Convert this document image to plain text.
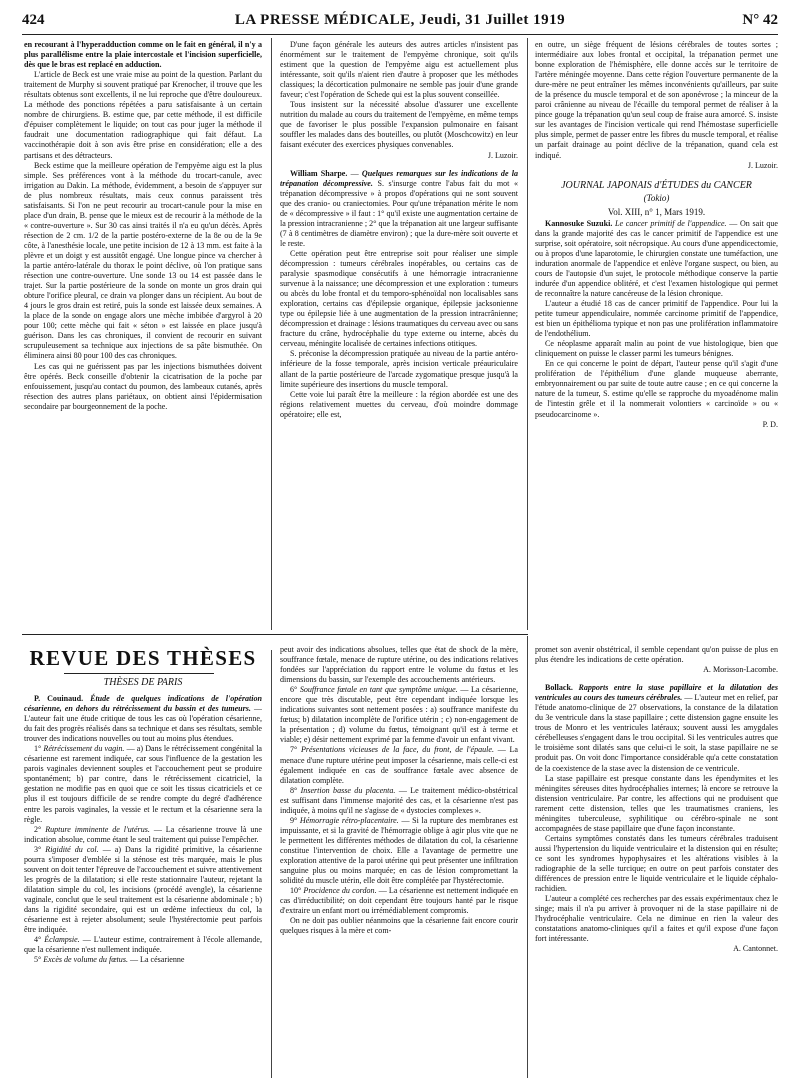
424	LA PRESSE MÉDICALE, Jeudi, 31 Juillet 1919	N° 42

en recourant à l'hyperadduction comme on le fait en général, il n'y a plus parallélisme entre la plaie intercostale et l'incision superficielle, dès que le bras est replacé en adduction.

L'article de Beck est une vraie mise au point de la question. Parlant du traitement de Murphy si souvent pratiqué par Krenocher, il trouve que les résultats obtenus sont excellents, il ne lui reproche que d'être douloureux. La méthode des ponctions répétées a paru satisfaisante à un certain nombre de chirurgiens. B. estime que, par cette méthode, il est difficile d'épuiser complètement le liquide; on tout cas pour juger la méthode il faudrait une documentation radiographique qui fait défaut. La vaccinothérapie doit à son avis être prise en considération; elle a des partisans et des détracteurs.

Beck estime que la meilleure opération de l'empyème aigu est la plus simple. Ses préférences vont à la méthode du trocart-canule, avec irrigation au Dakin. La méthode, évidemment, a besoin de s'appuyer sur de plus nombreux résultats, mais ceux connus paraissent très satisfaisants. Si l'on ne peut recourir au trocart-canule pour la mise en place d'un drain, B. pense que le mieux est de recourir à la méthode de la « contre-ouverture ». Sur 30 cas ainsi traités il n'a eu qu'un décès. Après résection de 2 cm. 1/2 de la partie postéro-externe de la 8e ou de la 9e côte, à l'anesthésie locale, une petite incision de 12 à 13 mm. est faite à la plèvre et un doigt y est aussitôt engagé. Une longue pince va chercher à la partie antéro-latérale du thorax le point déclive, où l'on pratique sans résection une contre-ouverture. Une sonde 13 ou 14 est passée dans le trajet. Sur la partie postérieure de la sonde on monte un gros drain qui obture l'orifice pleural, ce drain va plonger dans un récipient. Au bout de 4 jours le gros drain est retiré, puis la sonde est laissée deux semaines. A la place de la sonde on engage alors une mèche imbibée d'argyrol à 20 pour 100; cette mèche qui fait « séton » est laissée en place jusqu'à guérison. Dans les cas chroniques, il convient de recourir en suivant scrupuleusement sa technique aux injections de sa pâte bismuthée. On éliminera ainsi 80 pour 100 des cas chroniques.

Les cas qui ne guérissent pas par les injections bismuthées doivent être opérés. Beck conseille d'obtenir la cicatrisation de la poche par enfouissement, jusqu'au contact du poumon, des lambeaux cutanés, après résection des autres plans pariétaux, on obtient ainsi l'épidermisation secondaire par bourgeonnement de la poche.

D'une façon générale les auteurs des autres articles n'insistent pas énormément sur le traitement de l'empyème chronique, soit qu'ils estiment que la question de l'empyème aigu est actuellement plus intéressante, soit qu'ils n'aient rien d'autre à proposer que les méthodes classiques; la décortication pulmonaire ne semble pas jouir d'une grande faveur; c'est l'opération de Schede qui est la plus souvent conseillée.

Tous insistent sur la nécessité absolue d'assurer une excellente nutrition du malade au cours du traitement de l'empyème, en même temps que de favoriser le plus possible l'expansion pulmonaire en faisant souffler les malades dans des bouteilles, ou plutôt (Moschcowitz) en leur faisant exécuter des exercices physiques convenables.

J. Luzoir.

William Sharpe. — Quelques remarques sur les indications de la trépanation décompressive. S. s'insurge contre l'abus fait du mot « trépanation décompressive » à propos d'opérations qui ne sont souvent que des cranio- ou craniectomies. Pour qu'une trépanation mérite le nom de « décompressive » il faut : 1° qu'il existe une augmentation certaine de la pression intracranienne ; 2° que la trépanation ait une largeur suffisante (7 à 8 centimètres de diamètre environ) ; que la dure-mère soit ouverte et le reste.

Cette opération peut être entreprise soit pour réaliser une simple décompression : tumeurs cérébrales inopérables, ou certains cas de paralysie spasmodique consécutifs à une hémorragie intracranienne survenue à la naissance; une décompression et une exploration : tumeurs ou abcès du lobe frontal et du temporo-sphénoïdal non localisables sans exploration, certains cas d'épilepsie organique, épilepsie jacksonienne type ou épilepsie liée à une augmentation de la pression intracrânienne; décompression et drainage : lésions traumatiques du cerveau avec ou sans fracture du crâne, hydrocéphalie du type externe ou interne, abcès du cerveau, méningite localisée de certaines infections otitiques.

S. préconise la décompression pratiquée au niveau de la partie antéro-inférieure de la fosse temporale, après incision verticale préauriculaire allant de la partie postérieure de l'arcade zygomatique presque jusqu'à la limite supérieure des insertions du muscle temporal.

Cette voie lui paraît être la meilleure : la région abordée est une des régions relativement muettes du cerveau, d'où moindre dommage opératoire; elle est,

en outre, un siège fréquent de lésions cérébrales de toutes sortes ; intermédiaire aux lobes frontal et occipital, la trépanation permet une bonne exploration de l'hémisphère, elle donne accès sur le territoire de l'artère méningée moyenne. Dans cette région l'ouverture permanente de la dure-mère ne peut entraîner les mêmes inconvénients qu'ailleurs, par suite de la présence du muscle temporal et de son aponévrose ; la minceur de la paroi crânienne au niveau de l'écaille du temporal permet de réaliser à la pince gouge la trépanation qu'un seul coup de fraise aura amorcé. S. insiste sur les avantages de l'incision verticale qui rend l'hémostase superficielle plus simple, permet de passer entre les fibres du muscle temporal, et réalise un parfait drainage au point déclive de la trépanation, quand cela est indiqué.

J. Luzoir.

JOURNAL JAPONAIS d'ÉTUDES du CANCER

(Tokio)

Vol. XIII, n° 1, Mars 1919.

Kannosuke Suzuki. Le cancer primitif de l'appendice. — On sait que dans la grande majorité des cas le cancer primitif de l'appendice est une surprise, soit opératoire, soit nécropsique. Au cours d'une appendicectomie, ou à propos d'une laparotomie, le chirurgien constate une tuméfaction, une induration anormale de l'appendice et enlève l'organe suspect, ou bien, au cours de l'autopsie d'un sujet, le protocole méthodique conserve la partie indurée d'un appendice oblitéré, et c'est l'examen histologique qui permet de reconnaître la nature cancéreuse de la lésion chronique.

L'auteur a étudié 18 cas de cancer primitif de l'appendice. Pour lui la petite tumeur appendiculaire, nommée carcinome primitif de l'appendice, est bien un épithélioma typique et non pas une prolifération inflammatoire de l'endothélium.

Ce néoplasme apparaît malin au point de vue histologique, bien que cliniquement on puisse le classer parmi les tumeurs bénignes.

En ce qui concerne le point de départ, l'auteur pense qu'il s'agit d'une prolifération de l'épithélium d'une glande muqueuse aberrante, embryonnairement ou par suite de toute autre cause ; en ce qui concerne la nature de la tumeur, S. estime qu'elle se rapproche du myoadénome malin de l'intestin grêle et il la nommerait volontiers « carcinoïde » ou « pseudocarcinome ».

P. D.

REVUE DES THÈSES
THÈSES DE PARIS

P. Couinaud. Étude de quelques indications de l'opération césarienne, en dehors du rétrécissement du bassin et des tumeurs. — L'auteur fait une étude critique de tous les cas où l'opération césarienne, du fait des progrès réalisés dans sa technique et dans ses résultats, semble trouver des indications nouvelles ou tout au moins plus étendues.

1° Rétrécissement du vagin. — a) Dans le rétrécissement congénital la césarienne est rarement indiquée, car sous l'influence de la gestation les parois vaginales deviennent souples et l'accouchement peut se produire spontanément; b) par contre, dans le rétrécissement cicatriciel, la gestation ne modifie pas en quoi que ce soit les tissus cicatriciels et ce plus il est toujours difficile de se rendre compte du degré d'adhérence entre les parois vaginales, la vessie et le rectum et la césarienne sera la règle.

2° Rupture imminente de l'utérus. — La césarienne trouve là une indication absolue, comme étant le seul traitement qui puisse l'empêcher.

3° Rigidité du col. — a) Dans la rigidité primitive, la césarienne pourra s'imposer d'emblée si la sténose est très marquée, mais le plus souvent on doit tenter l'épreuve de l'accouchement et suivre attentivement les progrès de la dilatation; si elle reste stationnaire l'auteur, rejetant la dilatation simple du col, les incisions (procédé avengle), la césarienne vaginale, conclut que le seul traitement est la césarienne abdominale ; b) dans la rigidité secondaire, qui est un œdème infectieux du col, la césarienne est à rejeter absolument; seule l'hystérectomie peut parfois être indiquée.

4° Éclampsie. — L'auteur estime, contrairement à l'école allemande, que la césarienne n'est nullement indiquée.

5° Excès de volume du fœtus. — La césarienne

peut avoir des indications absolues, telles que état de shock de la mère, souffrance fœtale, menace de rupture utérine, ou des indications relatives fondées sur l'appréciation du rapport entre le volume du fœtus et les dimensions du bassin, sur l'exemple des accouchements antérieurs.

6° Souffrance fœtale en tant que symptôme unique. — La césarienne, encore que très discutable, peut être cependant indiquée lorsque les indications suivantes sont nettement posées : a) souffrance manifeste du fœtus; b) dilatation incomplète de l'orifice utérin ; c) non-engagement de la présentation ; d) volume du fœtus, témoignant qu'il est à terme et viable; e) désir nettement exprimé par la femme d'avoir un enfant vivant.

7° Présentations vicieuses de la face, du front, de l'épaule. — La menace d'une rupture utérine peut imposer la césarienne, mais celle-ci est également indiquée en cas de souffrance fœtale avec absence de dilatation complète.

8° Insertion basse du placenta. — Le traitement médico-obstétrical est suffisant dans l'immense majorité des cas, et la césarienne n'est pas indiquée, à moins qu'il ne s'agisse de « dystocies complexes ».

9° Hémorragie rétro-placentaire. — Si la rupture des membranes est impuissante, et si la gravité de l'hémorragie oblige à agir plus vite que ne le permettent les différentes méthodes de dilatation du col, la césarienne constitue l'intervention de choix. Elle a l'avantage de permettre une exploration attentive de la paroi utérine qui peut présenter une infiltration sanguine plus ou moins marquée; en cas de lésion compromettant la solidité du muscle utérin, elle doit être complétée par l'hystérectomie.

10° Procidence du cordon. — La césarienne est nettement indiquée en cas d'irréductibilité; on doit cependant être toujours hanté par le risque d'extraire un enfant mort ou irrémédiablement compromis.

On ne doit pas oublier néanmoins que la césarienne fait encore courir quelques risques à la mère et com-

promet son avenir obstétrical, il semble cependant qu'on puisse de plus en plus étendre les indications de cette opération.

A. Morisson-Lacombe.

Bollack. Rapports entre la stase papillaire et la dilatation des ventricules au cours des tumeurs cérébrales. — L'auteur met en relief, par l'étude anatomo-clinique de 27 observations, la constance de la dilatation du 3e ventricule dans la stase papillaire ; cette distension gagne ensuite les trous de Monro et les ventricules latéraux; souvent aussi les amygdales cérébelleuses s'engagent dans le trou occipital. Si les ventricules autres que le troisième sont dilatés sans que celui-ci le soit, la stase papillaire ne se produit pas. On voit donc l'importance considérable qu'a cette constatation de la coexistence de la stase avec la distension de ce ventricule.

La stase papillaire est presque constante dans les épendymites et les méningites séreuses dites hydrocéphalies internes; là encore se retrouve la distension ventriculaire. Par contre, les affections qui ne produisent que rarement cette distension, telles que les traumatismes craniens, les méningites tuberculeuse, syphilitique ou cérébro-spinale ne sont accompagnées de stase papillaire que d'une façon inconstante.

Certains symptômes constatés dans les tumeurs cérébrales traduisent aussi l'hypertension du liquide ventriculaire et la distension qui en résulte; ce sont les syndromes hypophysaires et les altérations visibles à la radiographie de la selle turcique; en outre on peut parfois constater des différences de pression entre le liquide ventriculaire et le liquide céphalo-rachidien.

L'auteur a complété ces recherches par des essais expérimentaux chez le singe; mais il n'a pu arriver à provoquer ni de la stase papillaire ni de l'hydrocéphalie ventriculaire. Cela ne diminue en rien la valeur des constatations anatomo-cliniques qu'il a faites et qu'il expose d'une façon fort intéressante.

A. Cantonnet.
